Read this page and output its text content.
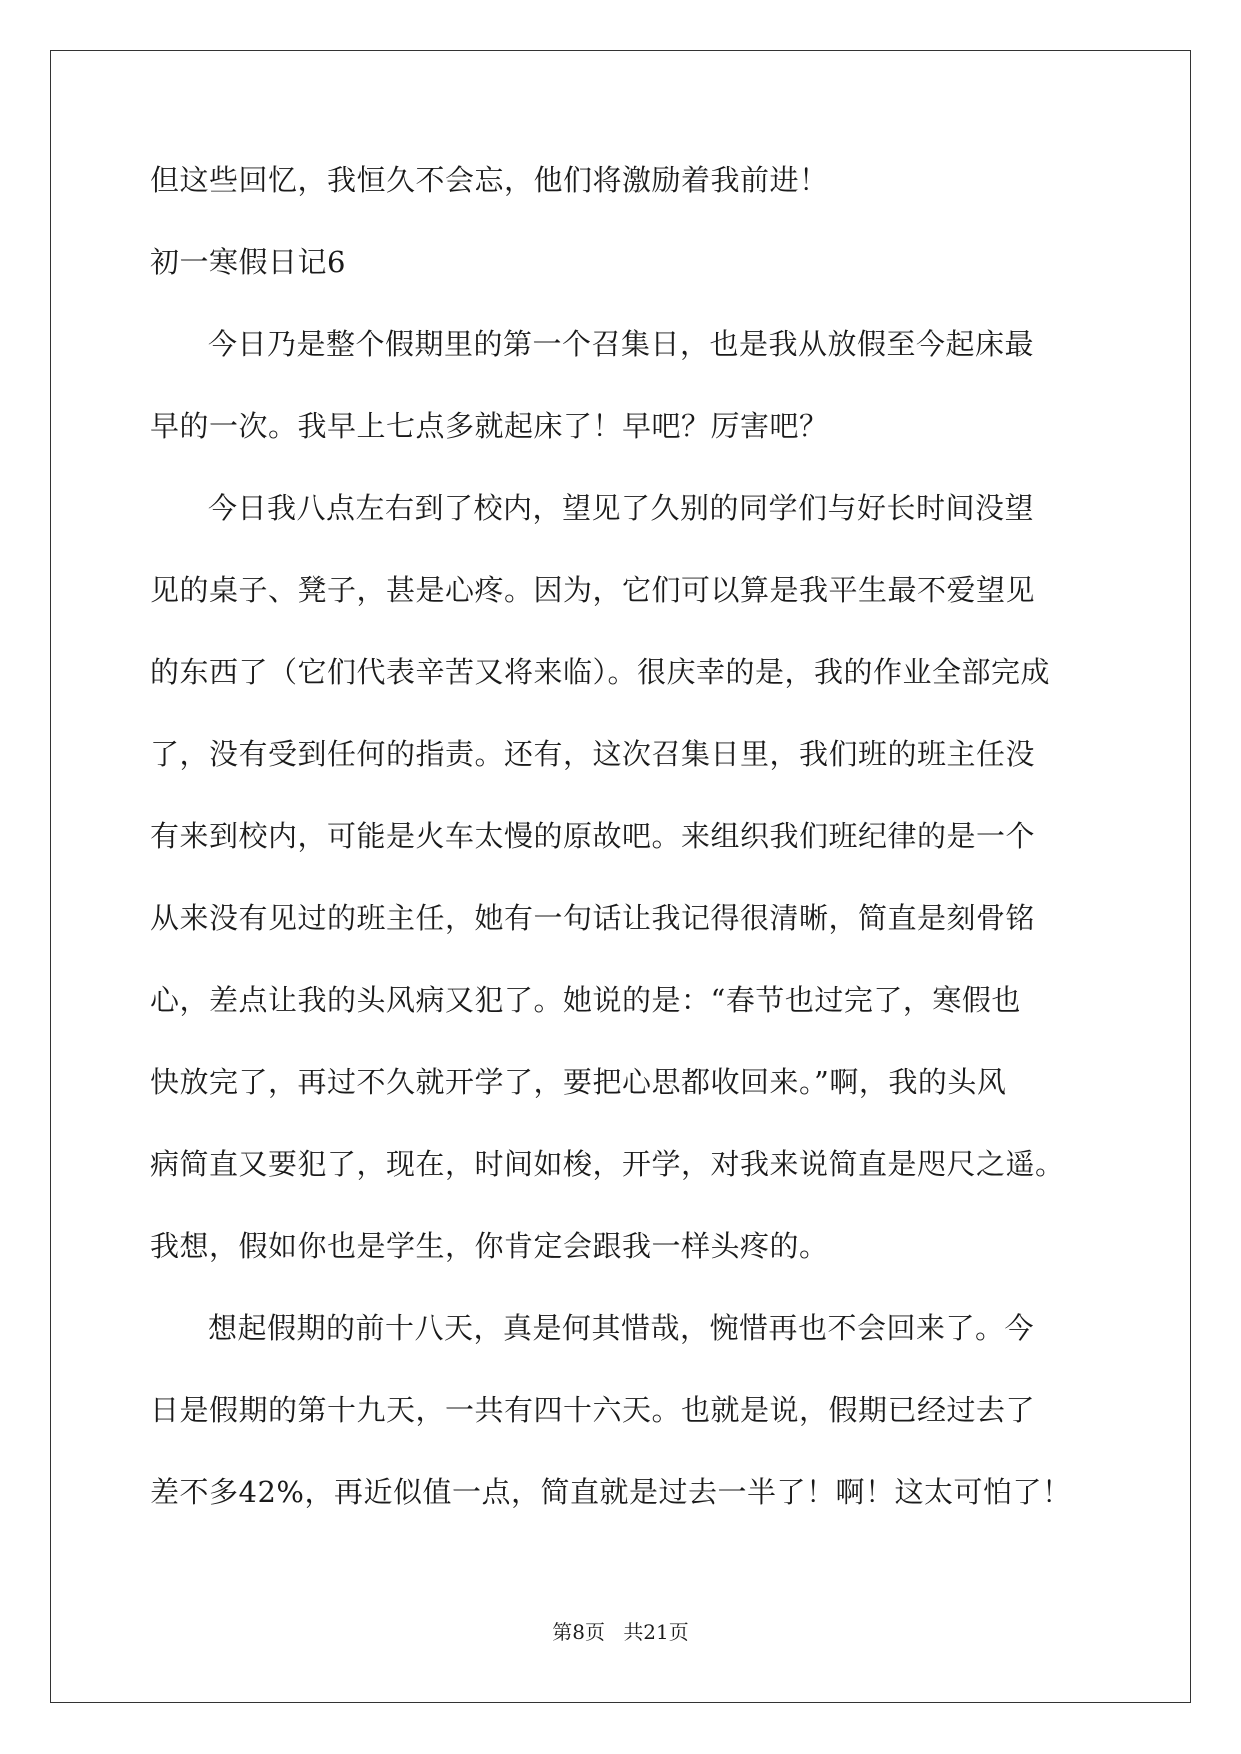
但这些回忆，我恒久不会忘，他们将激励着我前进！
初一寒假日记6
今日乃是整个假期里的第一个召集日，也是我从放假至今起床最
早的一次。我早上七点多就起床了！早吧？厉害吧？
今日我八点左右到了校内，望见了久别的同学们与好长时间没望
见的桌子、凳子，甚是心疼。因为，它们可以算是我平生最不爱望见
的东西了（它们代表辛苦又将来临）。很庆幸的是，我的作业全部完成
了，没有受到任何的指责。还有，这次召集日里，我们班的班主任没
有来到校内，可能是火车太慢的原故吧。来组织我们班纪律的是一个
从来没有见过的班主任，她有一句话让我记得很清晰，简直是刻骨铭
心，差点让我的头风病又犯了。她说的是：“春节也过完了，寒假也
快放完了，再过不久就开学了，要把心思都收回来。”啊，我的头风
病简直又要犯了，现在，时间如梭，开学，对我来说简直是咫尺之遥。
我想，假如你也是学生，你肯定会跟我一样头疼的。
想起假期的前十八天，真是何其惜哉，惋惜再也不会回来了。今
日是假期的第十九天，一共有四十六天。也就是说，假期已经过去了
差不多42%，再近似值一点，简直就是过去一半了！啊！这太可怕了！
第8页 共21页
